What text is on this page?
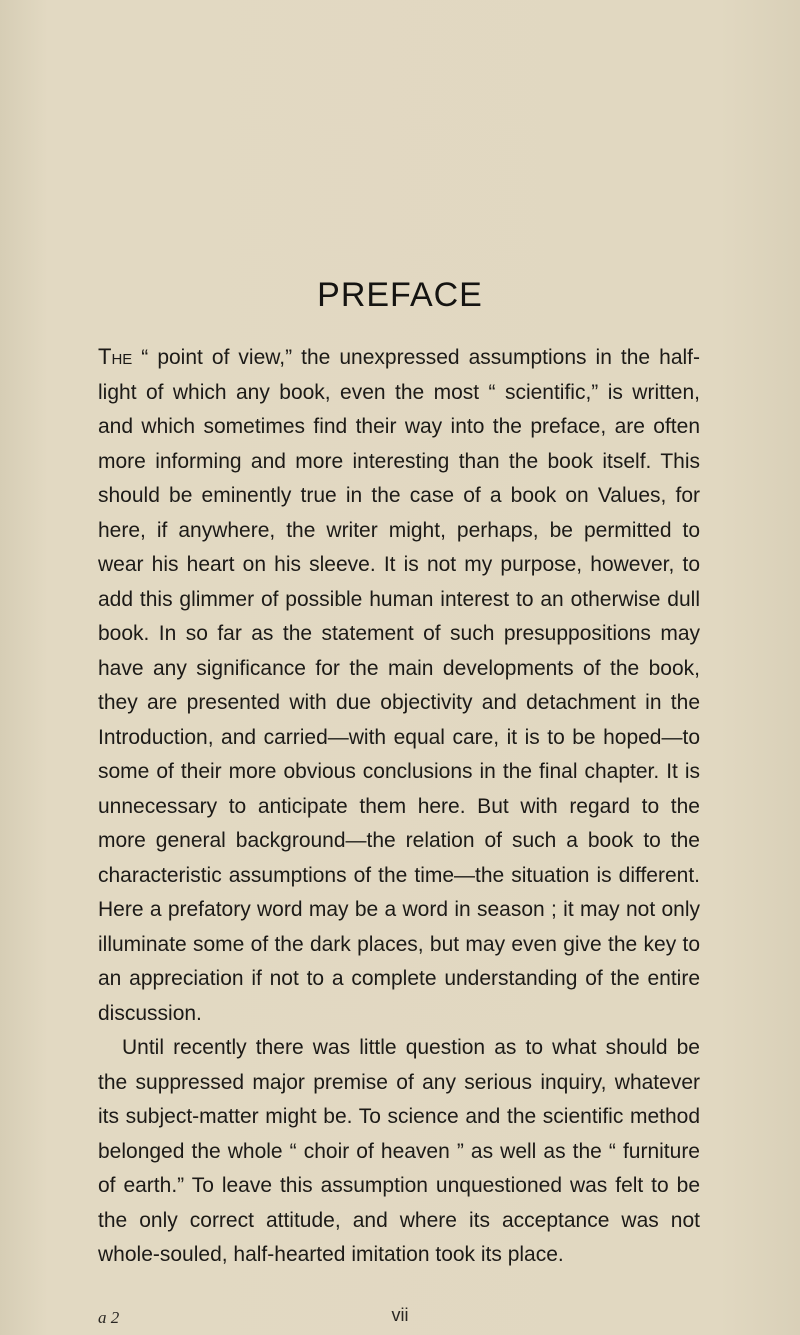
PREFACE

The “ point of view,” the unexpressed assumptions in the half-light of which any book, even the most “ scientific,” is written, and which sometimes find their way into the preface, are often more informing and more interesting than the book itself. This should be eminently true in the case of a book on Values, for here, if anywhere, the writer might, perhaps, be permitted to wear his heart on his sleeve. It is not my purpose, however, to add this glimmer of possible human interest to an otherwise dull book. In so far as the statement of such presuppositions may have any significance for the main developments of the book, they are presented with due objectivity and detachment in the Introduction, and carried—with equal care, it is to be hoped—to some of their more obvious conclusions in the final chapter. It is unnecessary to anticipate them here. But with regard to the more general background—the relation of such a book to the characteristic assumptions of the time—the situation is different. Here a prefatory word may be a word in season ; it may not only illuminate some of the dark places, but may even give the key to an appreciation if not to a complete understanding of the entire discussion.

Until recently there was little question as to what should be the suppressed major premise of any serious inquiry, whatever its subject-matter might be. To science and the scientific method belonged the whole “ choir of heaven ” as well as the “ furniture of earth.” To leave this assumption unquestioned was felt to be the only correct attitude, and where its acceptance was not whole-souled, half-hearted imitation took its place.

a 2	vii
